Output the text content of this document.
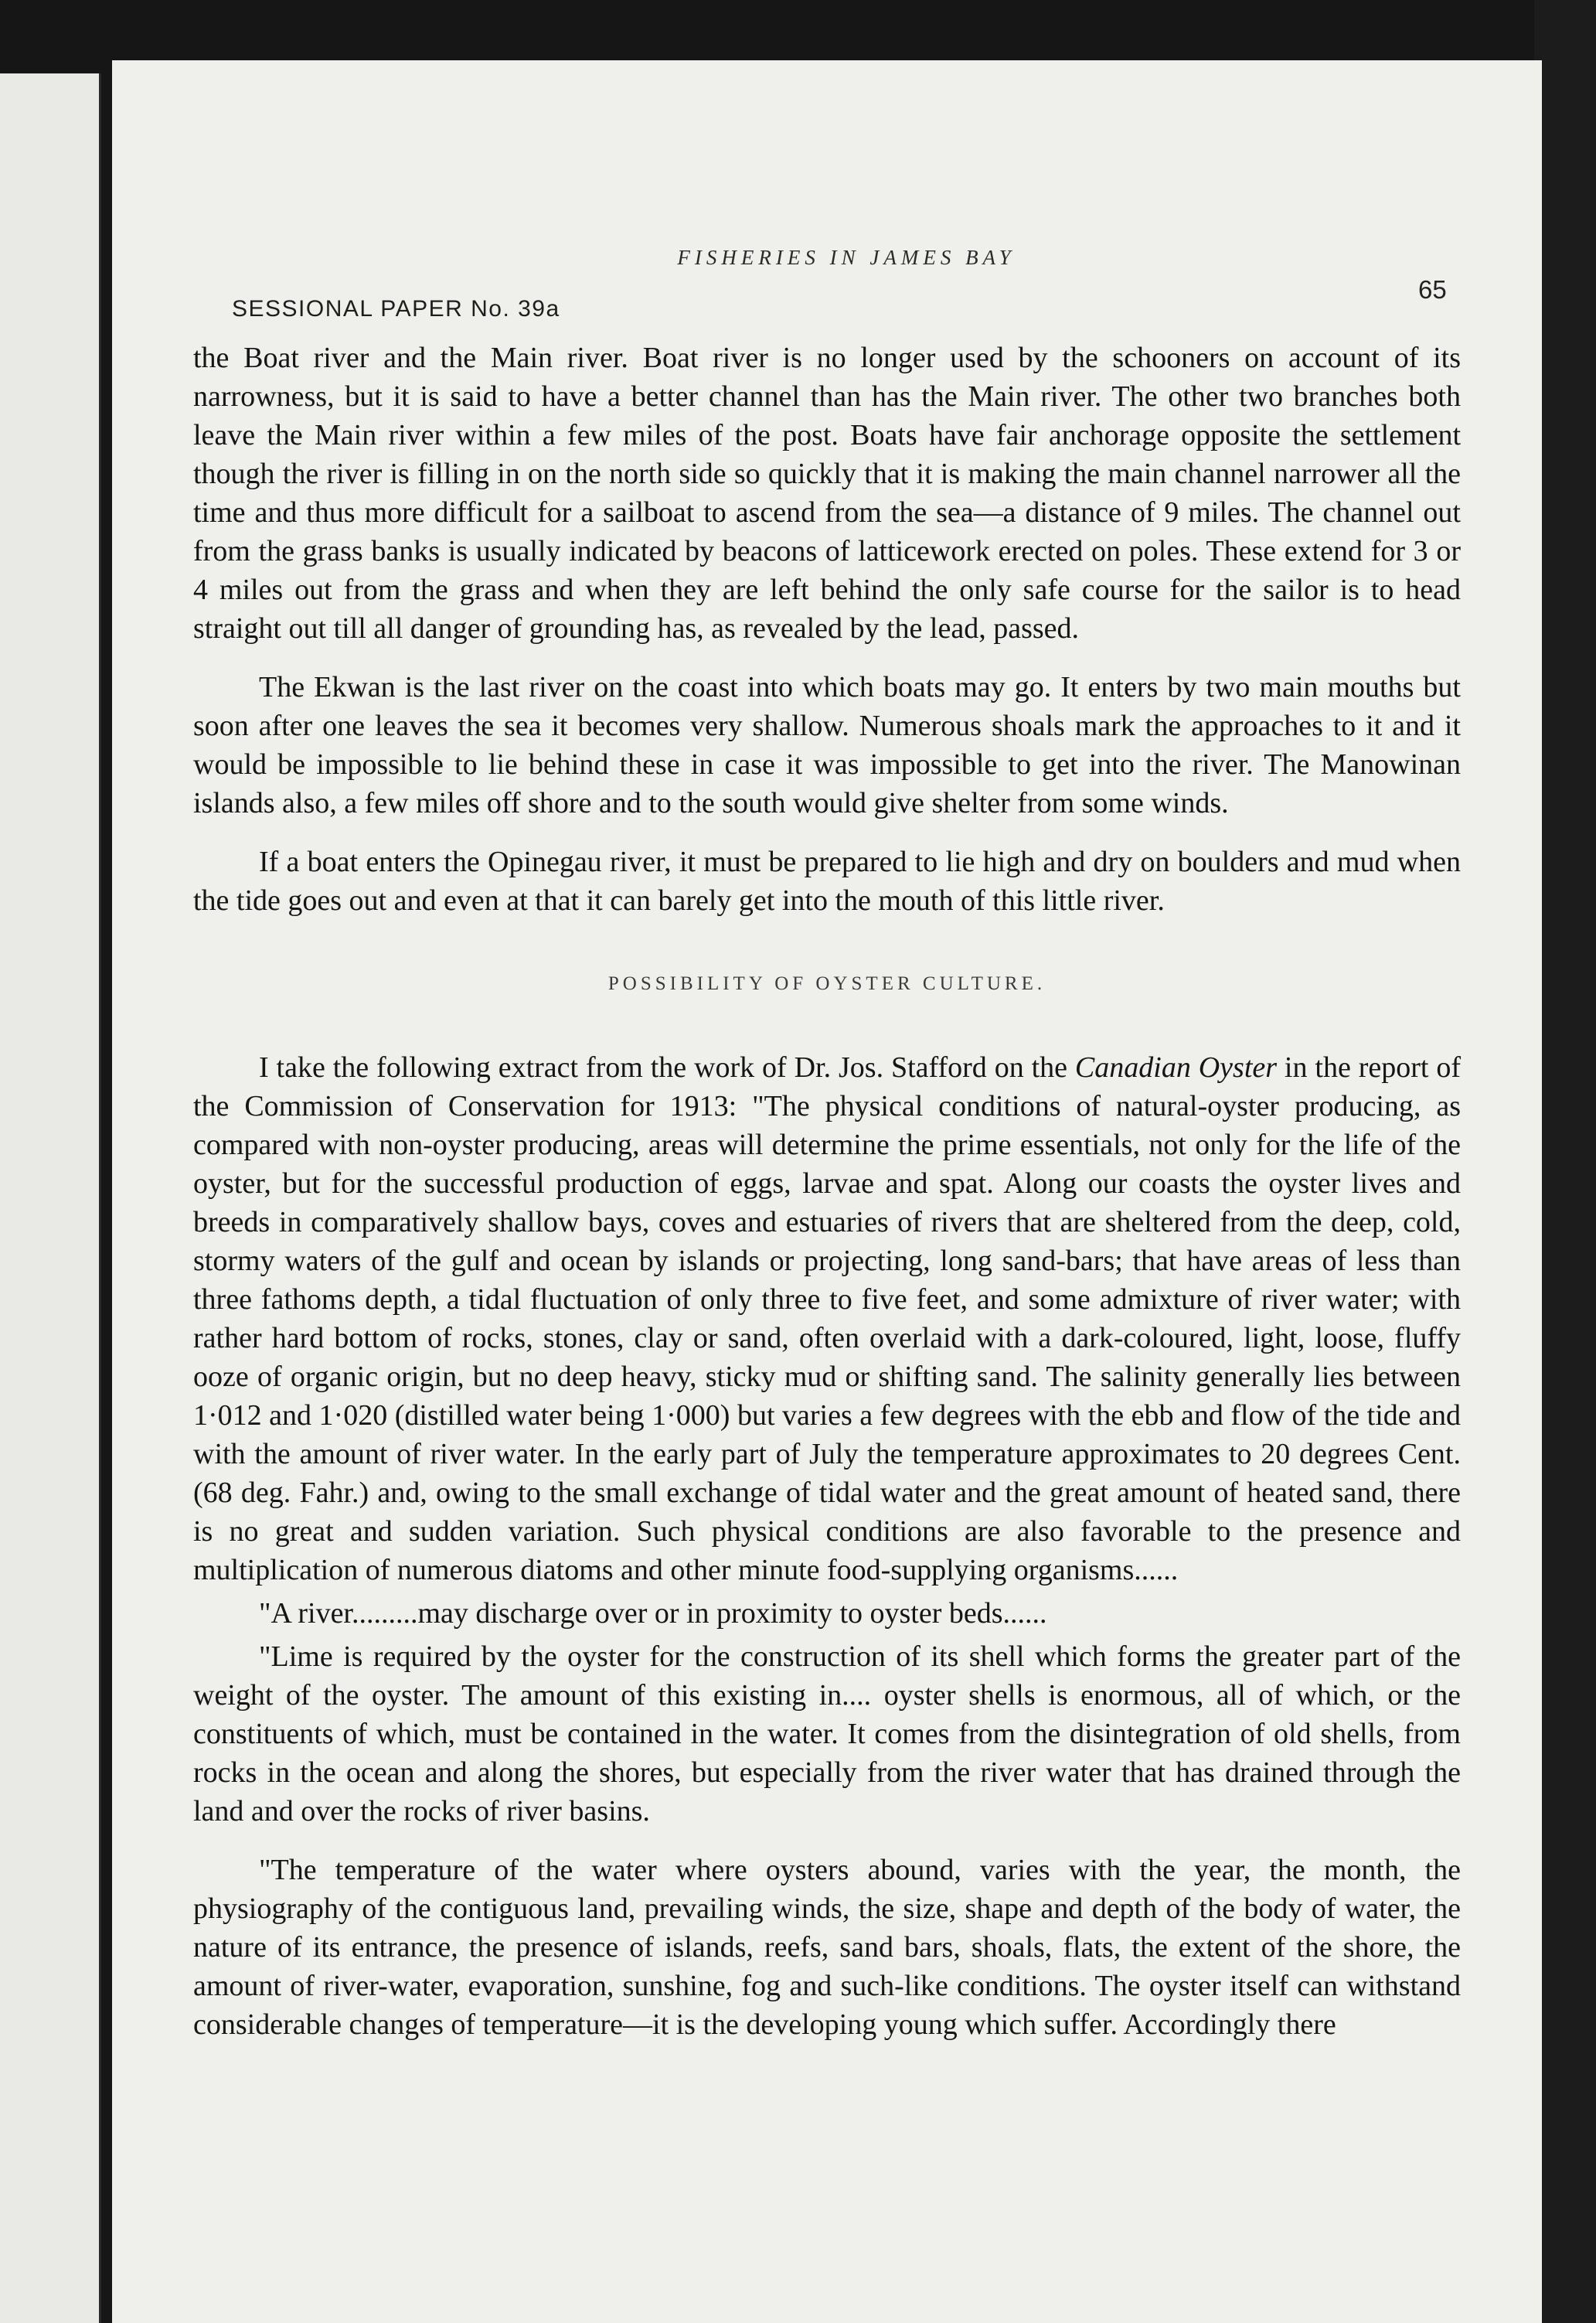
FISHERIES IN JAMES BAY
65
SESSIONAL PAPER No. 39a

the Boat river and the Main river. Boat river is no longer used by the schooners on account of its narrowness, but it is said to have a better channel than has the Main river. The other two branches both leave the Main river within a few miles of the post. Boats have fair anchorage opposite the settlement though the river is filling in on the north side so quickly that it is making the main channel narrower all the time and thus more difficult for a sailboat to ascend from the sea—a distance of 9 miles. The channel out from the grass banks is usually indicated by beacons of latticework erected on poles. These extend for 3 or 4 miles out from the grass and when they are left behind the only safe course for the sailor is to head straight out till all danger of grounding has, as revealed by the lead, passed.

The Ekwan is the last river on the coast into which boats may go. It enters by two main mouths but soon after one leaves the sea it becomes very shallow. Numerous shoals mark the approaches to it and it would be impossible to lie behind these in case it was impossible to get into the river. The Manowinan islands also, a few miles off shore and to the south would give shelter from some winds.

If a boat enters the Opinegau river, it must be prepared to lie high and dry on boulders and mud when the tide goes out and even at that it can barely get into the mouth of this little river.

POSSIBILITY OF OYSTER CULTURE.

I take the following extract from the work of Dr. Jos. Stafford on the Canadian Oyster in the report of the Commission of Conservation for 1913: "The physical conditions of natural-oyster producing, as compared with non-oyster producing, areas will determine the prime essentials, not only for the life of the oyster, but for the successful production of eggs, larvae and spat. Along our coasts the oyster lives and breeds in comparatively shallow bays, coves and estuaries of rivers that are sheltered from the deep, cold, stormy waters of the gulf and ocean by islands or projecting, long sand-bars; that have areas of less than three fathoms depth, a tidal fluctuation of only three to five feet, and some admixture of river water; with rather hard bottom of rocks, stones, clay or sand, often overlaid with a dark-coloured, light, loose, fluffy ooze of organic origin, but no deep heavy, sticky mud or shifting sand. The salinity generally lies between 1·012 and 1·020 (distilled water being 1·000) but varies a few degrees with the ebb and flow of the tide and with the amount of river water. In the early part of July the temperature approximates to 20 degrees Cent. (68 deg. Fahr.) and, owing to the small exchange of tidal water and the great amount of heated sand, there is no great and sudden variation. Such physical conditions are also favorable to the presence and multiplication of numerous diatoms and other minute food-supplying organisms......

"A river.........may discharge over or in proximity to oyster beds......

"Lime is required by the oyster for the construction of its shell which forms the greater part of the weight of the oyster. The amount of this existing in.... oyster shells is enormous, all of which, or the constituents of which, must be contained in the water. It comes from the disintegration of old shells, from rocks in the ocean and along the shores, but especially from the river water that has drained through the land and over the rocks of river basins.

"The temperature of the water where oysters abound, varies with the year, the month, the physiography of the contiguous land, prevailing winds, the size, shape and depth of the body of water, the nature of its entrance, the presence of islands, reefs, sand bars, shoals, flats, the extent of the shore, the amount of river-water, evaporation, sunshine, fog and such-like conditions. The oyster itself can withstand considerable changes of temperature—it is the developing young which suffer. Accordingly there
